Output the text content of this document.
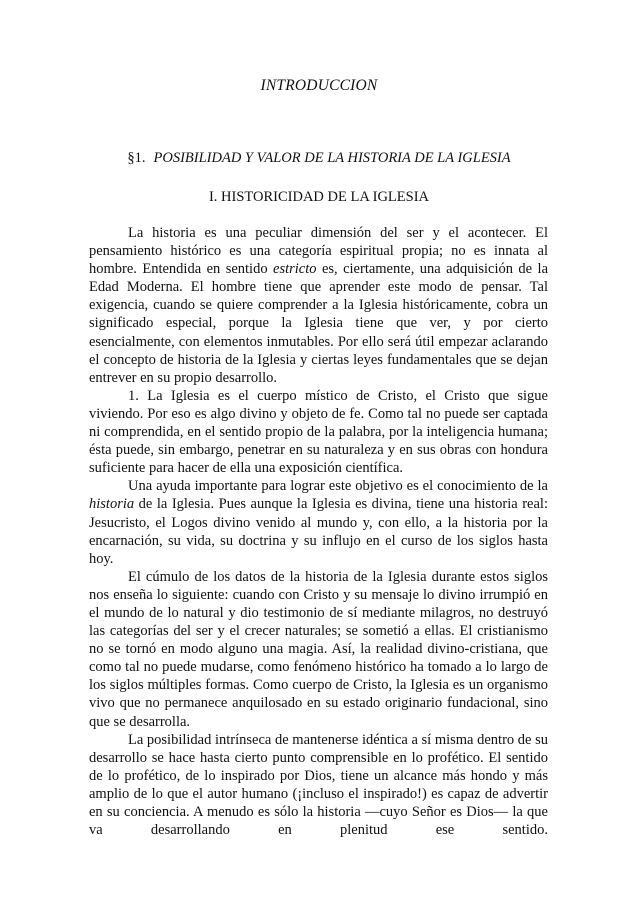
INTRODUCCION
§1. POSIBILIDAD Y VALOR DE LA HISTORIA DE LA IGLESIA
I. HISTORICIDAD DE LA IGLESIA

La historia es una peculiar dimensión del ser y el acontecer. El pensamiento histórico es una categoría espiritual propia; no es innata al hombre. Entendida en sentido estricto es, ciertamente, una adquisición de la Edad Moderna. El hombre tiene que aprender este modo de pensar. Tal exigencia, cuando se quiere comprender a la Iglesia históricamente, cobra un significado especial, porque la Iglesia tiene que ver, y por cierto esencialmente, con elementos inmutables. Por ello será útil empezar aclarando el concepto de historia de la Iglesia y ciertas leyes fundamentales que se dejan entrever en su propio desarrollo.

1. La Iglesia es el cuerpo místico de Cristo, el Cristo que sigue viviendo. Por eso es algo divino y objeto de fe. Como tal no puede ser captada ni comprendida, en el sentido propio de la palabra, por la inteligencia humana; ésta puede, sin embargo, penetrar en su naturaleza y en sus obras con hondura suficiente para hacer de ella una exposición científica.

Una ayuda importante para lograr este objetivo es el conocimiento de la historia de la Iglesia. Pues aunque la Iglesia es divina, tiene una historia real: Jesucristo, el Logos divino venido al mundo y, con ello, a la historia por la encarnación, su vida, su doctrina y su influjo en el curso de los siglos hasta hoy.

El cúmulo de los datos de la historia de la Iglesia durante estos siglos nos enseña lo siguiente: cuando con Cristo y su mensaje lo divino irrumpió en el mundo de lo natural y dio testimonio de sí mediante milagros, no destruyó las categorías del ser y el crecer naturales; se sometió a ellas. El cristianismo no se tornó en modo alguno una magia. Así, la realidad divino-cristiana, que como tal no puede mudarse, como fenómeno histórico ha tomado a lo largo de los siglos múltiples formas. Como cuerpo de Cristo, la Iglesia es un organismo vivo que no permanece anquilosado en su estado originario fundacional, sino que se desarrolla.

La posibilidad intrínseca de mantenerse idéntica a sí misma dentro de su desarrollo se hace hasta cierto punto comprensible en lo profético. El sentido de lo profético, de lo inspirado por Dios, tiene un alcance más hondo y más amplio de lo que el autor humano (¡incluso el inspirado!) es capaz de advertir en su conciencia. A menudo es sólo la historia —cuyo Señor es Dios— la que va desarrollando en plenitud ese sentido.
